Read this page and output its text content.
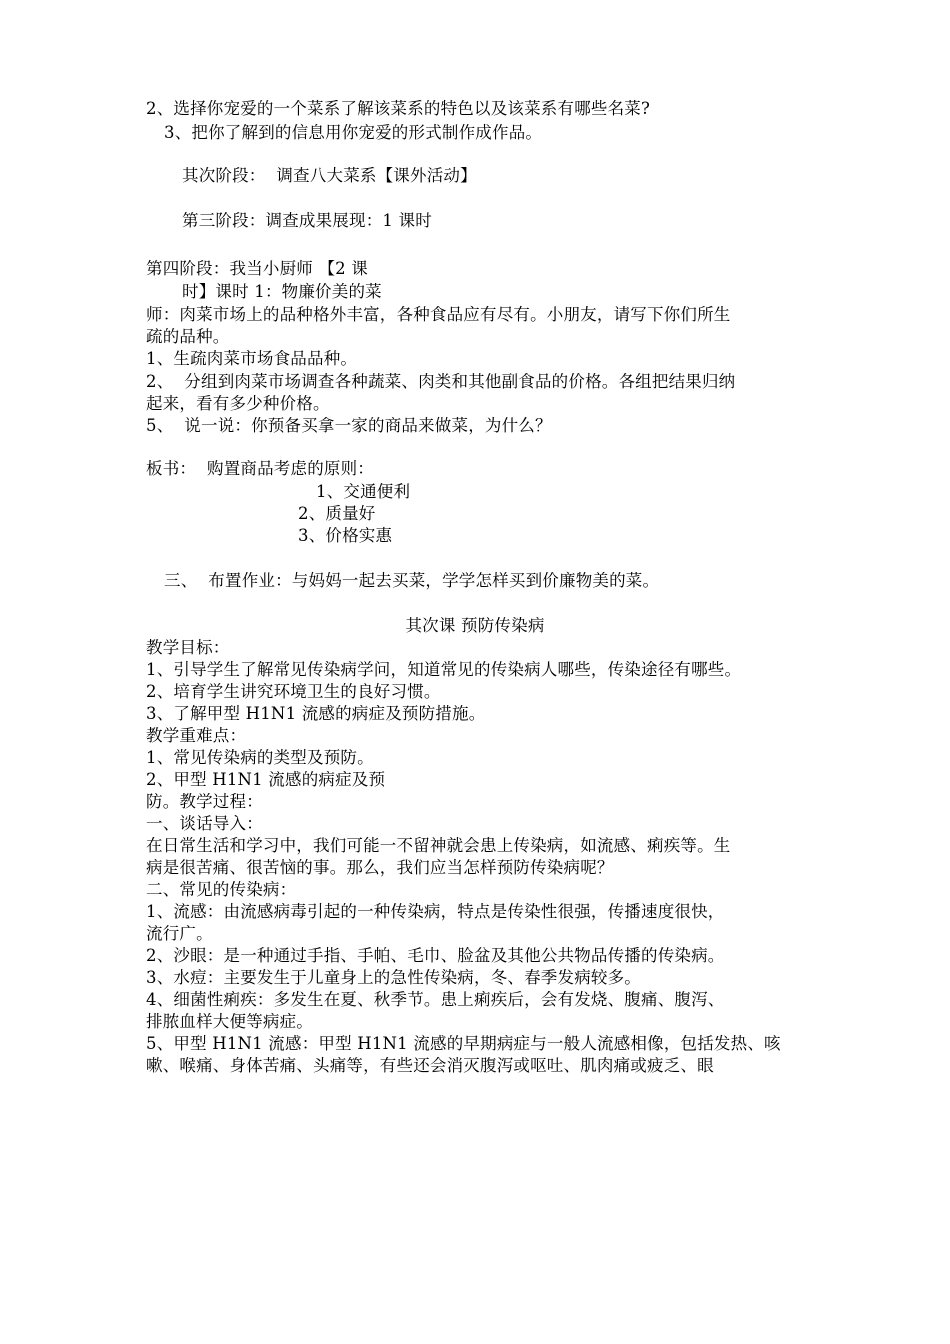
2、选择你宠爱的一个菜系了解该菜系的特色以及该菜系有哪些名菜?
3、把你了解到的信息用你宠爱的形式制作成作品。
其次阶段：  调查八大菜系【课外活动】
第三阶段：调查成果展现：1 课时
第四阶段：我当小厨师 【2 课
时】课时 1：物廉价美的菜
师：肉菜市场上的品种格外丰富，各种食品应有尽有。小朋友，请写下你们所生
疏的品种。
1、生疏肉菜市场食品品种。
2、  分组到肉菜市场调查各种蔬菜、肉类和其他副食品的价格。各组把结果归纳
起来，看有多少种价格。
5、  说一说：你预备买拿一家的商品来做菜，为什么？
板书：  购置商品考虑的原则：
1、交通便利
2、质量好
3、价格实惠
三、  布置作业：与妈妈一起去买菜，学学怎样买到价廉物美的菜。
其次课 预防传染病
教学目标：
1、引导学生了解常见传染病学问，知道常见的传染病人哪些，传染途径有哪些。
2、培育学生讲究环境卫生的良好习惯。
3、了解甲型 H1N1 流感的病症及预防措施。
教学重难点：
1、常见传染病的类型及预防。
2、甲型 H1N1 流感的病症及预
防。教学过程：
一、谈话导入：
在日常生活和学习中，我们可能一不留神就会患上传染病，如流感、痢疾等。生
病是很苦痛、很苦恼的事。那么，我们应当怎样预防传染病呢？
二、常见的传染病：
1、流感：由流感病毒引起的一种传染病，特点是传染性很强，传播速度很快，
流行广。
2、沙眼：是一种通过手指、手帕、毛巾、脸盆及其他公共物品传播的传染病。
3、水痘：主要发生于儿童身上的急性传染病，冬、春季发病较多。
4、细菌性痢疾：多发生在夏、秋季节。患上痢疾后，会有发烧、腹痛、腹泻、
排脓血样大便等病症。
5、甲型 H1N1 流感：甲型 H1N1 流感的早期病症与一般人流感相像，包括发热、咳
嗽、喉痛、身体苦痛、头痛等，有些还会消灭腹泻或呕吐、肌肉痛或疲乏、眼
